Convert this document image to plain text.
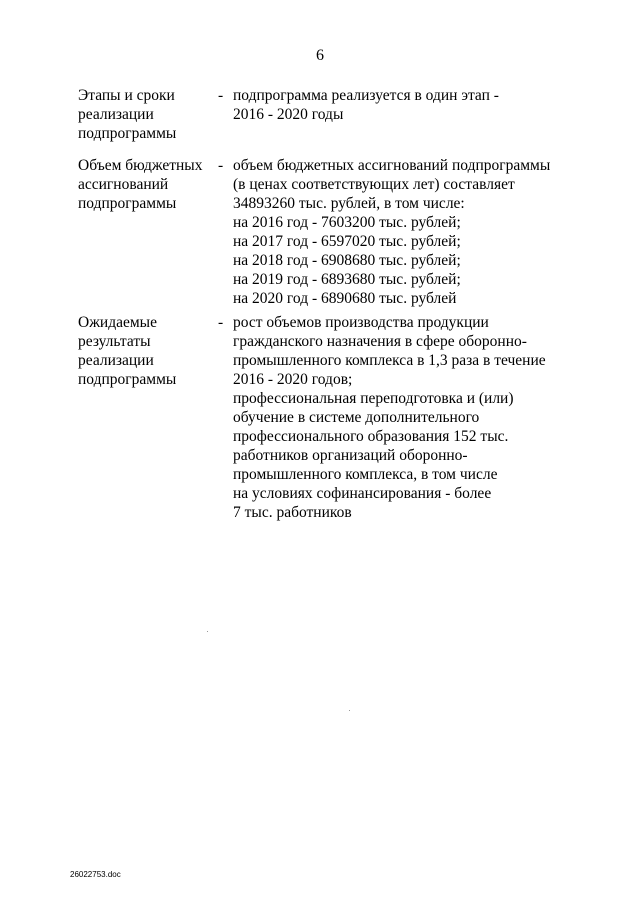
6
Этапы и сроки
реализации
подпрограммы
- подпрограмма реализуется в один этап -
2016 - 2020 годы
Объем бюджетных
ассигнований
подпрограммы
- объем бюджетных ассигнований подпрограммы
(в ценах соответствующих лет) составляет
34893260 тыс. рублей, в том числе:
на 2016 год - 7603200 тыс. рублей;
на 2017 год - 6597020 тыс. рублей;
на 2018 год - 6908680 тыс. рублей;
на 2019 год - 6893680 тыс. рублей;
на 2020 год - 6890680 тыс. рублей
Ожидаемые
результаты
реализации
подпрограммы
- рост объемов производства продукции
гражданского назначения в сфере оборонно-
промышленного комплекса в 1,3 раза в течение
2016 - 2020 годов;
профессиональная переподготовка и (или)
обучение в системе дополнительного
профессионального образования 152 тыс.
работников организаций оборонно-
промышленного комплекса, в том числе
на условиях софинансирования - более
7 тыс. работников
26022753.doc
